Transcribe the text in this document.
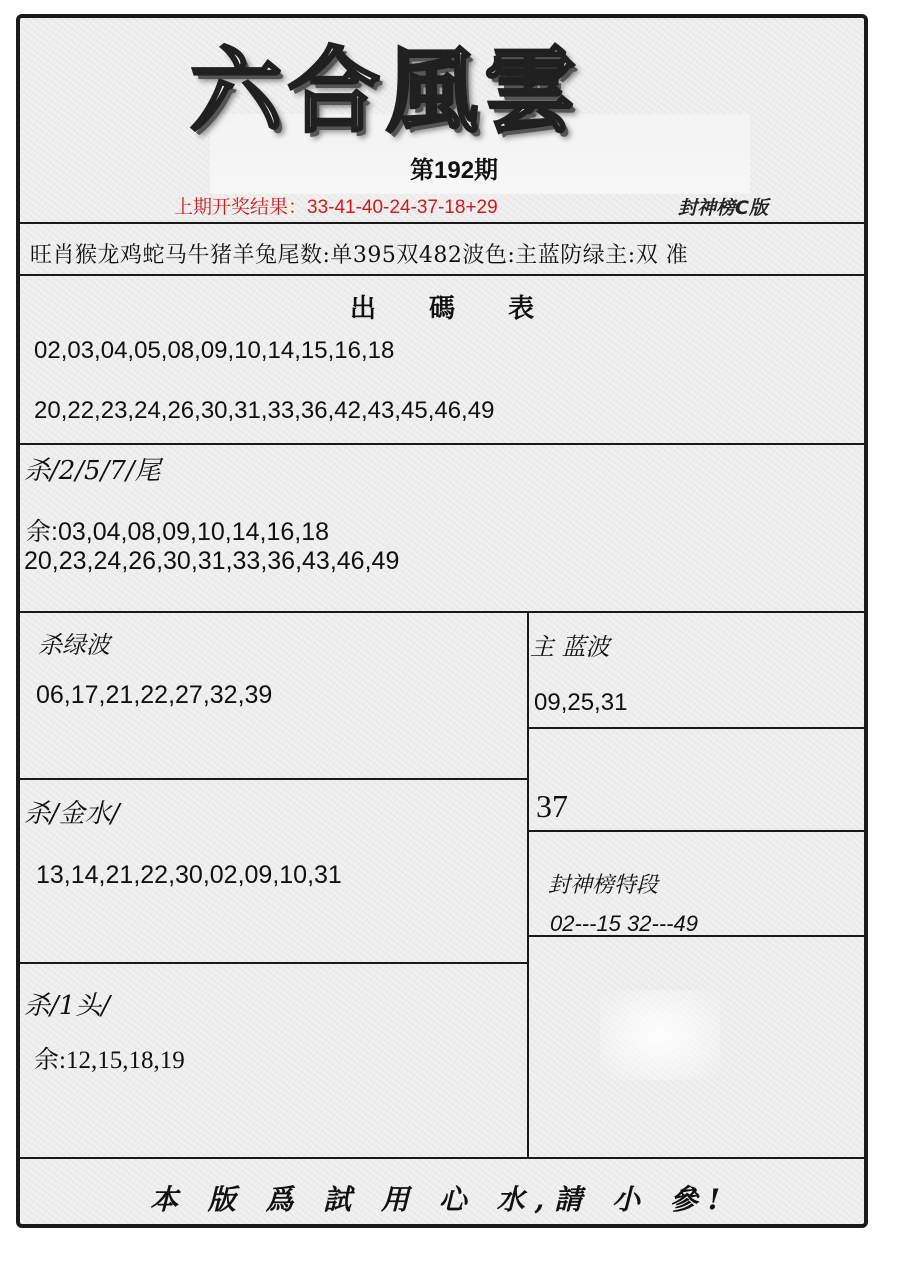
六合風雲
第192期
上期开奖结果：33-41-40-24-37-18+29	封神榜C版
旺肖猴龙鸡蛇马牛猪羊兔尾数:单395双482波色:主蓝防绿主:双 准
出 碼 表
02,03,04,05,08,09,10,14,15,16,18
20,22,23,24,26,30,31,33,36,42,43,45,46,49
杀/2/5/7/尾
余:03,04,08,09,10,14,16,18
20,23,24,26,30,31,33,36,43,46,49
杀绿波
06,17,21,22,27,32,39
主 蓝波
09,25,31
杀/金水/
13,14,21,22,30,02,09,10,31
37
封神榜特段
02---15 32---49
杀/1头/
余:12,15,18,19
本 版 爲 試 用 心 水,請 小 參!
